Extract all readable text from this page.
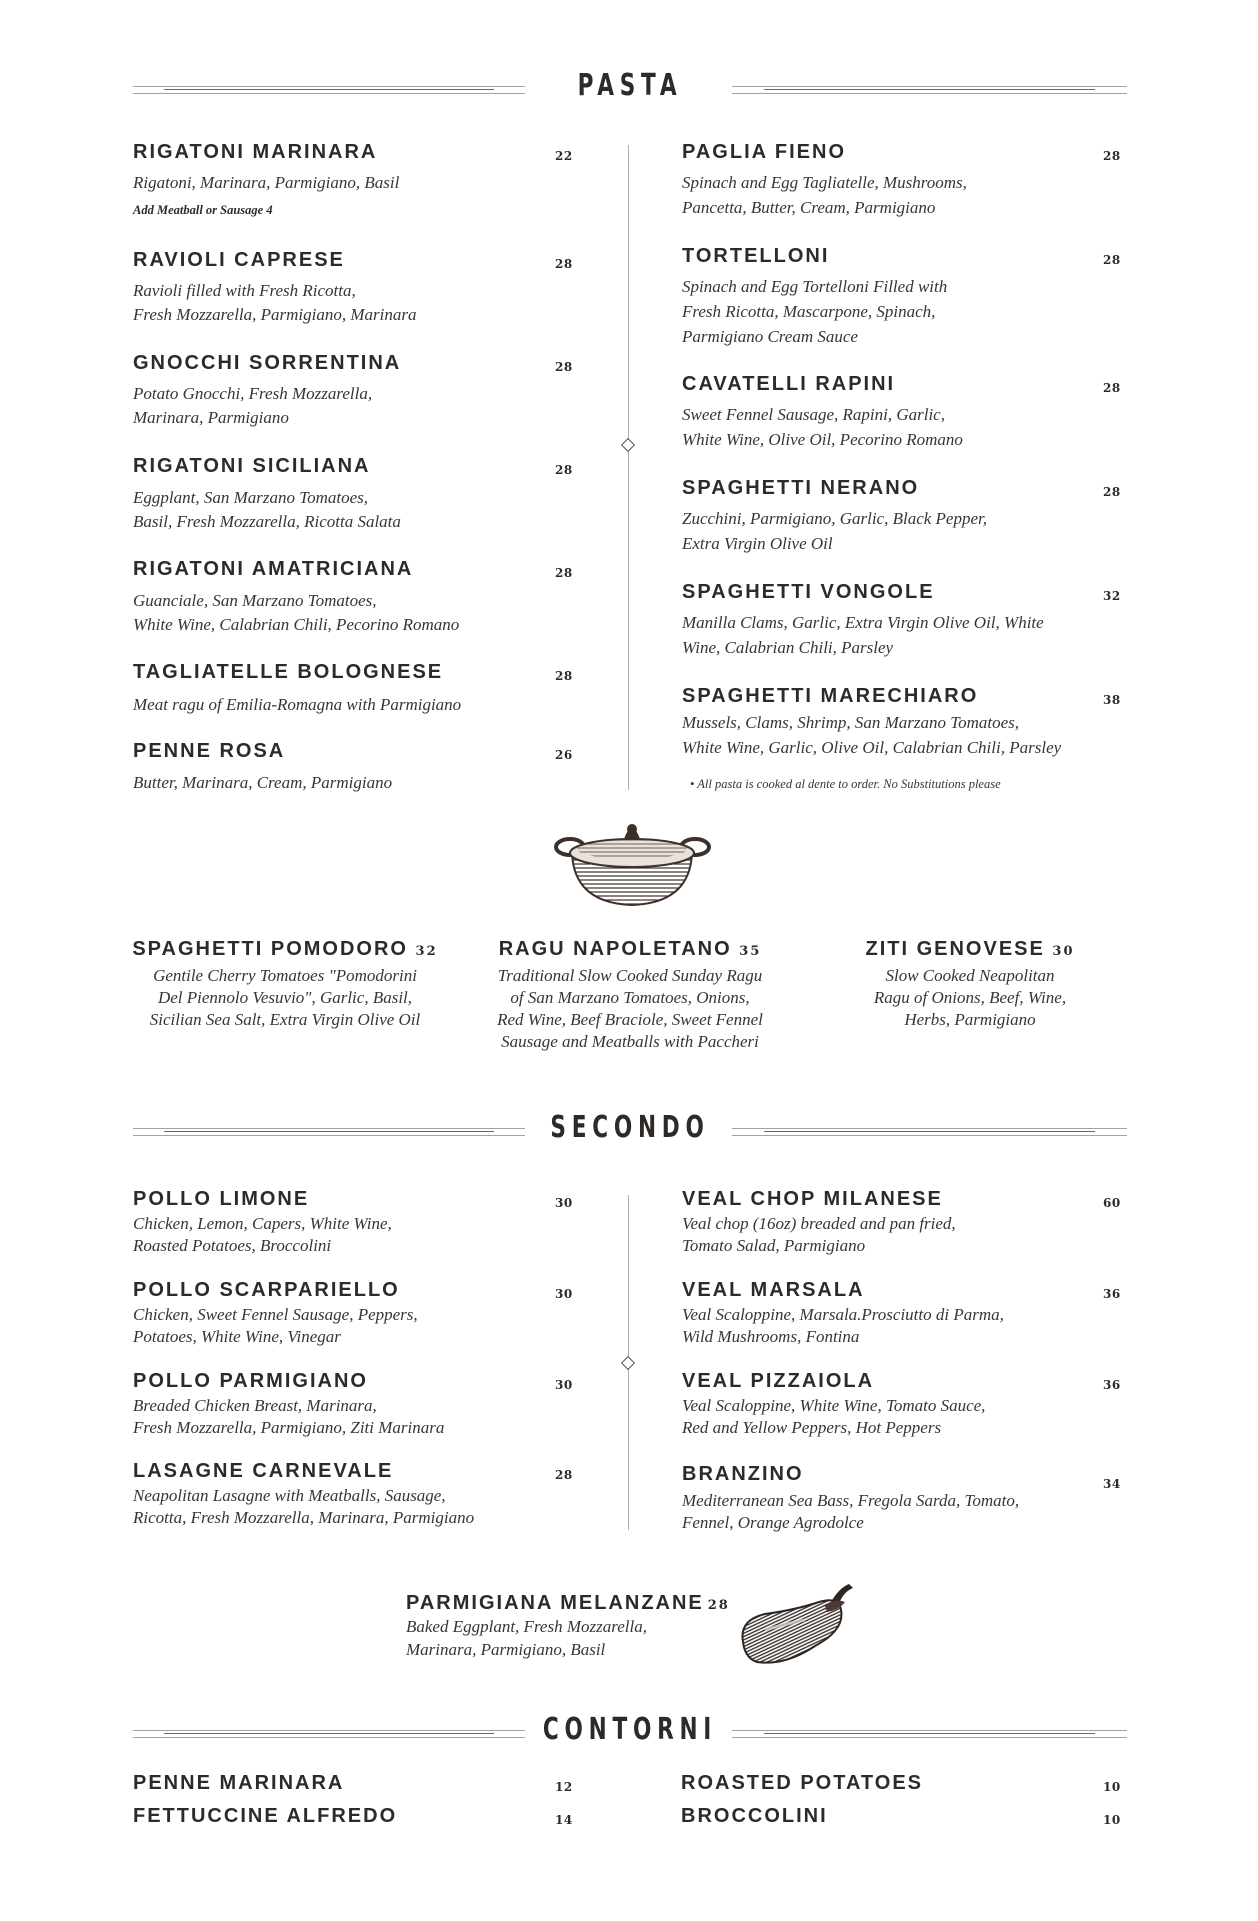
PASTA
RIGATONI MARINARA	22
Rigatoni, Marinara, Parmigiano, Basil
Add Meatball or Sausage 4
RAVIOLI CAPRESE	28
Ravioli filled with Fresh Ricotta,
Fresh Mozzarella, Parmigiano, Marinara
GNOCCHI SORRENTINA	28
Potato Gnocchi, Fresh Mozzarella,
Marinara, Parmigiano
RIGATONI SICILIANA	28
Eggplant, San Marzano Tomatoes,
Basil, Fresh Mozzarella, Ricotta Salata
RIGATONI AMATRICIANA	28
Guanciale, San Marzano Tomatoes,
White Wine, Calabrian Chili, Pecorino Romano
TAGLIATELLE BOLOGNESE	28
Meat ragu of Emilia-Romagna with Parmigiano
PENNE ROSA	26
Butter, Marinara, Cream, Parmigiano
PAGLIA FIENO	28
Spinach and Egg Tagliatelle, Mushrooms,
Pancetta, Butter, Cream, Parmigiano
TORTELLONI	28
Spinach and Egg Tortelloni Filled with
Fresh Ricotta, Mascarpone, Spinach,
Parmigiano Cream Sauce
CAVATELLI RAPINI	28
Sweet Fennel Sausage, Rapini, Garlic,
White Wine, Olive Oil, Pecorino Romano
SPAGHETTI NERANO	28
Zucchini, Parmigiano, Garlic, Black Pepper,
Extra Virgin Olive Oil
SPAGHETTI VONGOLE	32
Manilla Clams, Garlic, Extra Virgin Olive Oil, White
Wine, Calabrian Chili, Parsley
SPAGHETTI MARECHIARO	38
Mussels, Clams, Shrimp, San Marzano Tomatoes,
White Wine, Garlic, Olive Oil, Calabrian Chili, Parsley
• All pasta is cooked al dente to order. No Substitutions please
SPAGHETTI POMODORO 32
Gentile Cherry Tomatoes "Pomodorini
Del Piennolo Vesuvio", Garlic, Basil,
Sicilian Sea Salt, Extra Virgin Olive Oil
RAGU NAPOLETANO 35
Traditional Slow Cooked Sunday Ragu
of San Marzano Tomatoes, Onions,
Red Wine, Beef Braciole, Sweet Fennel
Sausage and Meatballs with Paccheri
ZITI GENOVESE 30
Slow Cooked Neapolitan
Ragu of Onions, Beef, Wine,
Herbs, Parmigiano
SECONDO
POLLO LIMONE	30
Chicken, Lemon, Capers, White Wine,
Roasted Potatoes, Broccolini
POLLO SCARPARIELLO	30
Chicken, Sweet Fennel Sausage, Peppers,
Potatoes, White Wine, Vinegar
POLLO PARMIGIANO	30
Breaded Chicken Breast, Marinara,
Fresh Mozzarella, Parmigiano, Ziti Marinara
LASAGNE CARNEVALE	28
Neapolitan Lasagne with Meatballs, Sausage,
Ricotta, Fresh Mozzarella, Marinara, Parmigiano
VEAL CHOP MILANESE	60
Veal chop (16oz) breaded and pan fried,
Tomato Salad, Parmigiano
VEAL MARSALA	36
Veal Scaloppine, Marsala.Prosciutto di Parma,
Wild Mushrooms, Fontina
VEAL PIZZAIOLA	36
Veal Scaloppine, White Wine, Tomato Sauce,
Red and Yellow Peppers, Hot Peppers
BRANZINO	34
Mediterranean Sea Bass, Fregola Sarda, Tomato,
Fennel, Orange Agrodolce
PARMIGIANA MELANZANE 28
Baked Eggplant, Fresh Mozzarella,
Marinara, Parmigiano, Basil
CONTORNI
PENNE MARINARA	12
FETTUCCINE ALFREDO	14
ROASTED POTATOES	10
BROCCOLINI	10
